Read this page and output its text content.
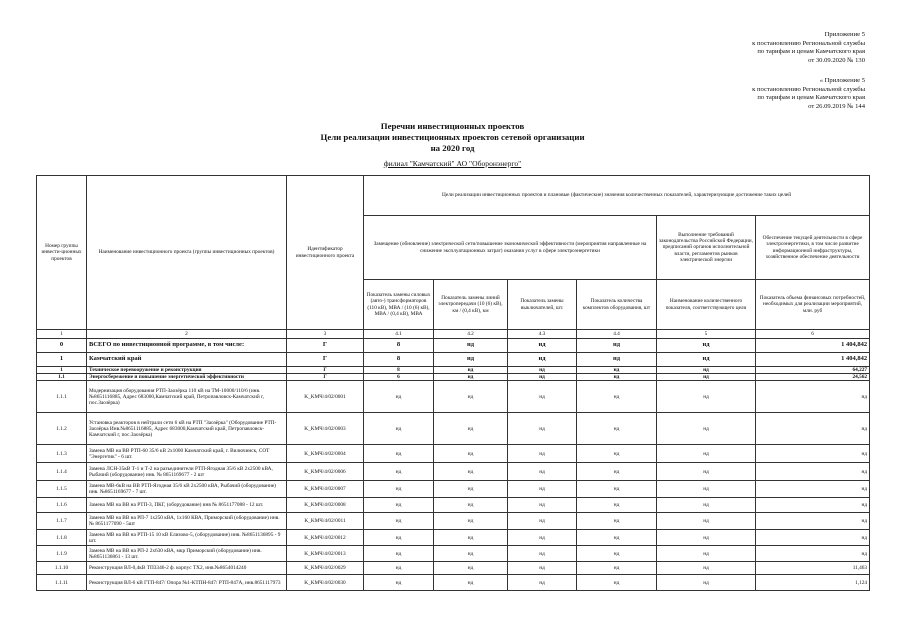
Приложение 5
к постановлению Региональной службы
по тарифам и ценам Камчатского края
от 30.09.2020 № 130
« Приложение 5
к постановлению Региональной службы
по тарифам и ценам Камчатского края
от 26.09.2019 № 144
Перечни инвестиционных проектов
Цели реализации инвестиционных проектов сетевой организации
на 2020 год
филиал "Камчатский" АО "Оборонэнерго"
Номер группы инвести-ционных проектов	Наименование инвестиционного проекта (группы инвестиционных проектов)	Идентификатор инвестиционного проекта	Цели реализации инвестиционных проектов и плановые (фактические) значения количественных показателей, характеризующие достижение таких целей					
			Замещение (обновление) электрической сети/повышение экономической эффективности (мероприятия направленные на снижение эксплуатационных затрат) оказания услуг в сфере электроэнергетики				Выполнение требований законодательства Российской Федерации, предписаний органов исполнительной власти, регламентов рынков электрической энергии	Обеспечение текущей деятельности в сфере электроэнергетики, в том числе развитие информационной инфраструктуры, хозяйственное обеспечение деятельности
			Показатель замены силовых (авто-) трансформаторов (110 кВ), МВА / (10 (6) кВ), МВА / (0,4 кВ), МВА	Показатель замены линий электропередачи (10 (6) кВ), км / (0,4 кВ), км	Показатель замены выключателей, шт.	Показатель количества комплектов оборудования, шт	Наименование количественного показателя, соответствующего цели	Показатель объема финансовых потребностей, необходимых для реализации мероприятий, млн. руб
1	2	3	4.1	4.2	4.3	4.4	5	6
0	ВСЕГО по инвестиционной программе, в том числе:	Г	8	нд	нд	нд	нд	1 404,842
1	Камчатский край	Г	8	нд	нд	нд	нд	1 404,842
1	Техническое перевооружение и реконструкция	Г	8	нд	нд	нд	нд	64,227
1.1	Энергосбережение и повышение энергетической эффективности	Г	6	нд	нд	нд	нд	24,562
1.1.1	Модернизация оборудования РТП-Заозёрка 110 кВ на ТМ-10000/110/6 (инв.№8651116885, Адрес 683000,Камчатский край, Петропавловск-Камчатский г, пос.Заозёрка)	K_KMЧ/4/02/0001	нд	нд	нд	нд	нд	нд
1.1.2	Установка реакторов в нейтрали сети 6 кВ на РТП "Заозёрка" (Оборудование РТП- Заозёрка Инв.№8651116885, Адрес 683000,Камчатский край, Петропавловск-Камчатский г, пос.Заозёрка)	K_KMЧ/4/02/0003	нд	нд	нд	нд	нд	нд
1.1.3	Замена МВ на ВВ РТП-60 35/6 кВ 2х1000 Камчатский край, г. Вилючинск, СОТ "Энергетик" - 6 шт.	K_KMЧ/4/02/0004	нд	нд	нд	нд	нд	нд
1.1.4	Замена ЛСН-35кВ Т-1 и Т-2 на разъединители РТП-Ягодная 35/6 кВ 2х2500 кВА, Рыбачий (оборудование) инв. № 8651169677 - 2 шт	K_KMЧ/4/02/0006	нд	нд	нд	нд	нд	нд
1.1.5	Замена МВ-6кВ на ВВ РТП-Ягодная 35/6 кВ 2х2500 кВА, Рыбачий (оборудование) инв. №8651169677 - 7 шт.	K_KMЧ/4/02/0007	нд	нд	нд	нд	нд	нд
1.1.6	Замена МВ на ВВ на РТП-3, ПКГ, (оборудование) инв № 8651177088 - 12 шт.	K_KMЧ/4/02/0008	нд	нд	нд	нд	нд	нд
1.1.7	Замена МВ на ВВ на РП-7 1х250 кВА, 1х160 КВА, Приморский (оборудование) инв. № 8651177090 - 5шт	K_KMЧ/4/02/0011	нд	нд	нд	нд	нд	нд
1.1.8	Замена МВ на ВВ на РТП-15 10 кВ Елизово-5, (оборудование) инв. №8651136895 - 9 шт.	K_KMЧ/4/02/0012	нд	нд	нд	нд	нд	нд
1.1.9	Замена МВ на ВВ на РП-2 2х630 кВА, мкр Приморский (оборудование) инв. №8651136861 - 13 шт.	K_KMЧ/4/02/0013	нд	нд	нд	нд	нд	нд
1.1.10	Реконструкция ВЛ-0,4кВ ТП3346-2 ф. корпус ТХ2, инв.№8654014240	K_KMЧ/4/02/0029	нд	нд	нд	нд	нд	11,463
1.1.11	Реконструкция ВЛ-6 кВ ГТП-847/ Опора №1-КТПН-847/ РТП-847А, инв.8651117973	K_KMЧ/4/02/0030	нд	нд	нд	нд	нд	1,124
